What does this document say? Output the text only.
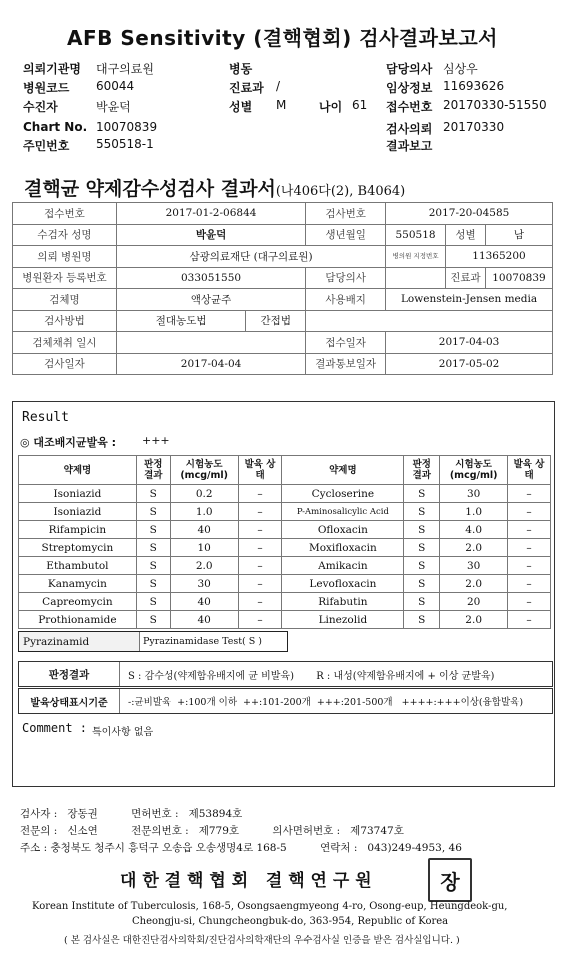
AFB Sensitivity (결핵협회) 검사결과보고서
의뢰기관명 대구의료원
병원코드 60044
수진자	박윤덕
Chart No. 10070839
주민번호 550518-1
병동
진료과 /
성별 M	나이 61
담당의사 심상우
임상정보 11693626
접수번호 20170330-51550
검사의뢰 20170330
결과보고
결핵균 약제감수성검사 결과서(나406다(2), B4064)
접수번호	2017-01-2-06844		검사번호	2017-20-04585		
수검자 성명	박윤덕		생년월일	550518	성별	남
의뢰 병원명	삼광의료재단 (대구의료원)			병의원 지정번호	11365200	
병원환자 등록번호	033051550		담당의사		진료과	10070839
검체명	액상균주		사용배지	Lowenstein-Jensen media		
검사방법	절대농도법	간접법				
검체채취 일시			접수일자	2017-04-03		
검사일자	2017-04-04		결과통보일자	2017-05-02		
Result
◎ 대조배지균발육 : +++
약제명	판정 결과	시험농도 (mcg/ml)	발육 상태	약제명	판정 결과	시험농도 (mcg/ml)	발육 상태
Isoniazid	S	0.2	–	Cycloserine	S	30	–
Isoniazid	S	1.0	–	P-Aminosalicylic Acid	S	1.0	–
Rifampicin	S	40	–	Ofloxacin	S	4.0	–
Streptomycin	S	10	–	Moxifloxacin	S	2.0	–
Ethambutol	S	2.0	–	Amikacin	S	30	–
Kanamycin	S	30	–	Levofloxacin	S	2.0	–
Capreomycin	S	40	–	Rifabutin	S	20	–
Prothionamide	S	40	–	Linezolid	S	2.0	–
Pyrazinamid	Pyrazinamidase Test( S )
판정결과	S : 감수성(약제함유배지에 균 비발육)       R : 내성(약제함유배지에 + 이상 균발육)
발육상태표시기준	-:균비발육  +:100개 이하  ++:101-200개  +++:201-500개   ++++:+++이상(융합발육)
Comment : 특이사항 없음
검사자 :   장동권          면허번호 :   제53894호
전문의 :   신소연          전문의번호 :   제779호          의사면허번호 :   제73747호
주소 : 충청북도 청주시 흥덕구 오송읍 오송생명4로 168-5          연락처 :   043)249-4953, 46
대 한 결 핵 협 회   결 핵 연 구 원	장
Korean Institute of Tuberculosis, 168-5, Osongsaengmyeong 4-ro, Osong-eup, Heungdeok-gu,
Cheongju-si, Chungcheongbuk-do, 363-954, Republic of Korea
( 본 검사실은 대한진단검사의학회/진단검사의학재단의 우수검사실 인증을 받은 검사실입니다. )
